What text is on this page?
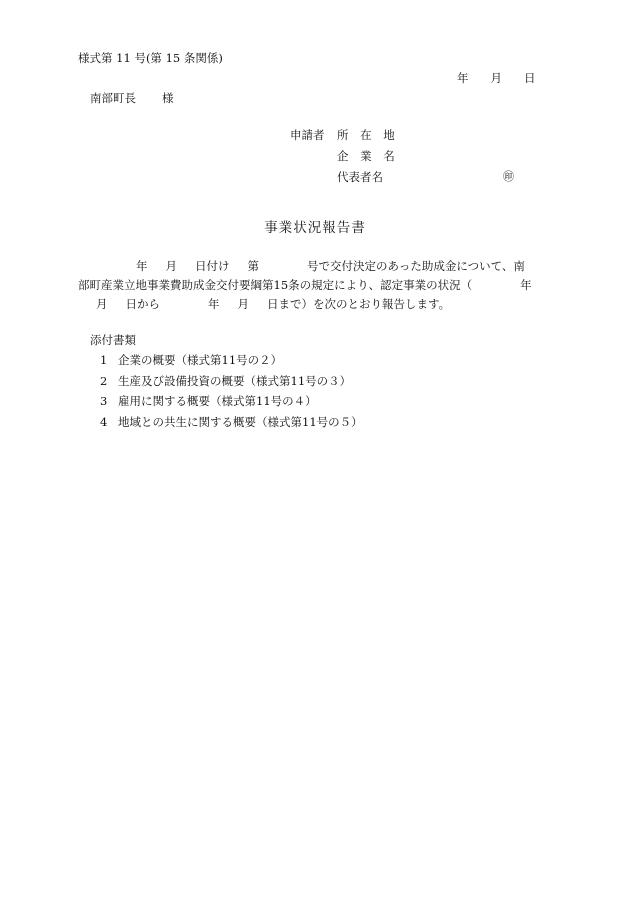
様式第 11 号(第 15 条関係)
年 月 日
南部町長 様
申請者 所 在 地
企 業 名
代表者名	㊞
事業状況報告書
年 月 日付け 第	号で交付決定のあった助成金について、南
部町産業立地事業費助成金交付要綱第15条の規定により、認定事業の状況（	年
月 日から	年 月 日まで）を次のとおり報告します。
添付書類
1 企業の概要（様式第11号の２）
2 生産及び設備投資の概要（様式第11号の３）
3 雇用に関する概要（様式第11号の４）
4 地域との共生に関する概要（様式第11号の５）
